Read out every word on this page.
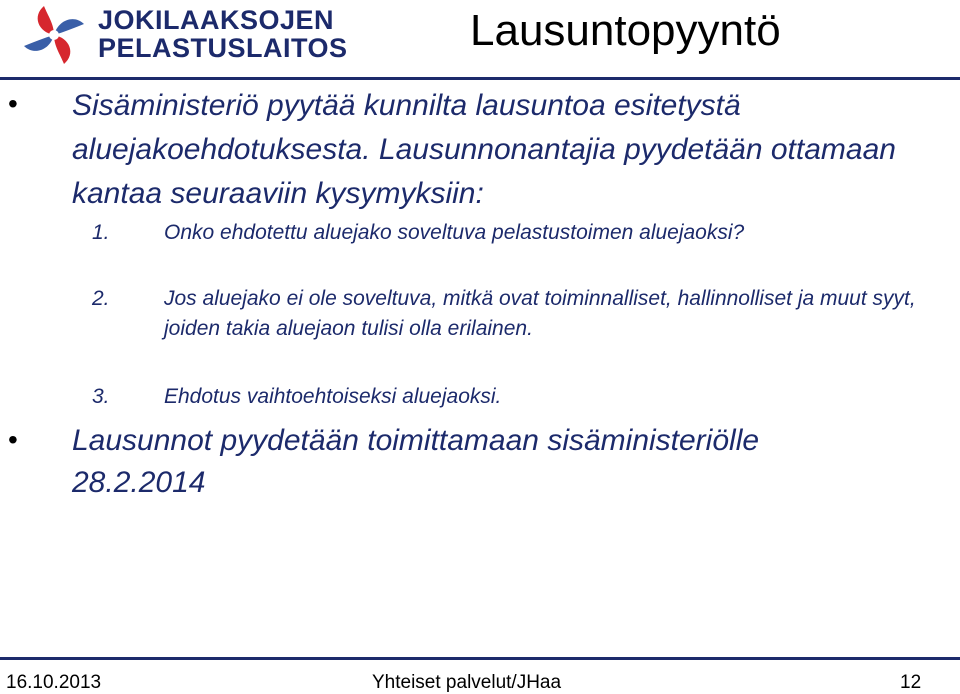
JOKILAAKSOJEN
PELASTUSLAITOS	Lausuntopyyntö
• Sisäministeriö pyytää kunnilta lausuntoa esitetystä aluejakoehdotuksesta. Lausunnonantajia pyydetään ottamaan kantaa seuraaviin kysymyksiin:
1.	Onko ehdotettu aluejako soveltuva pelastustoimen aluejaoksi?
2.	Jos aluejako ei ole soveltuva, mitkä ovat toiminnalliset, hallinnolliset ja muut syyt, joiden takia aluejaon tulisi olla erilainen.
3.	Ehdotus vaihtoehtoiseksi aluejaoksi.
• Lausunnot pyydetään toimittamaan sisäministeriölle 28.2.2014
16.10.2013	Yhteiset palvelut/JHaa	12
